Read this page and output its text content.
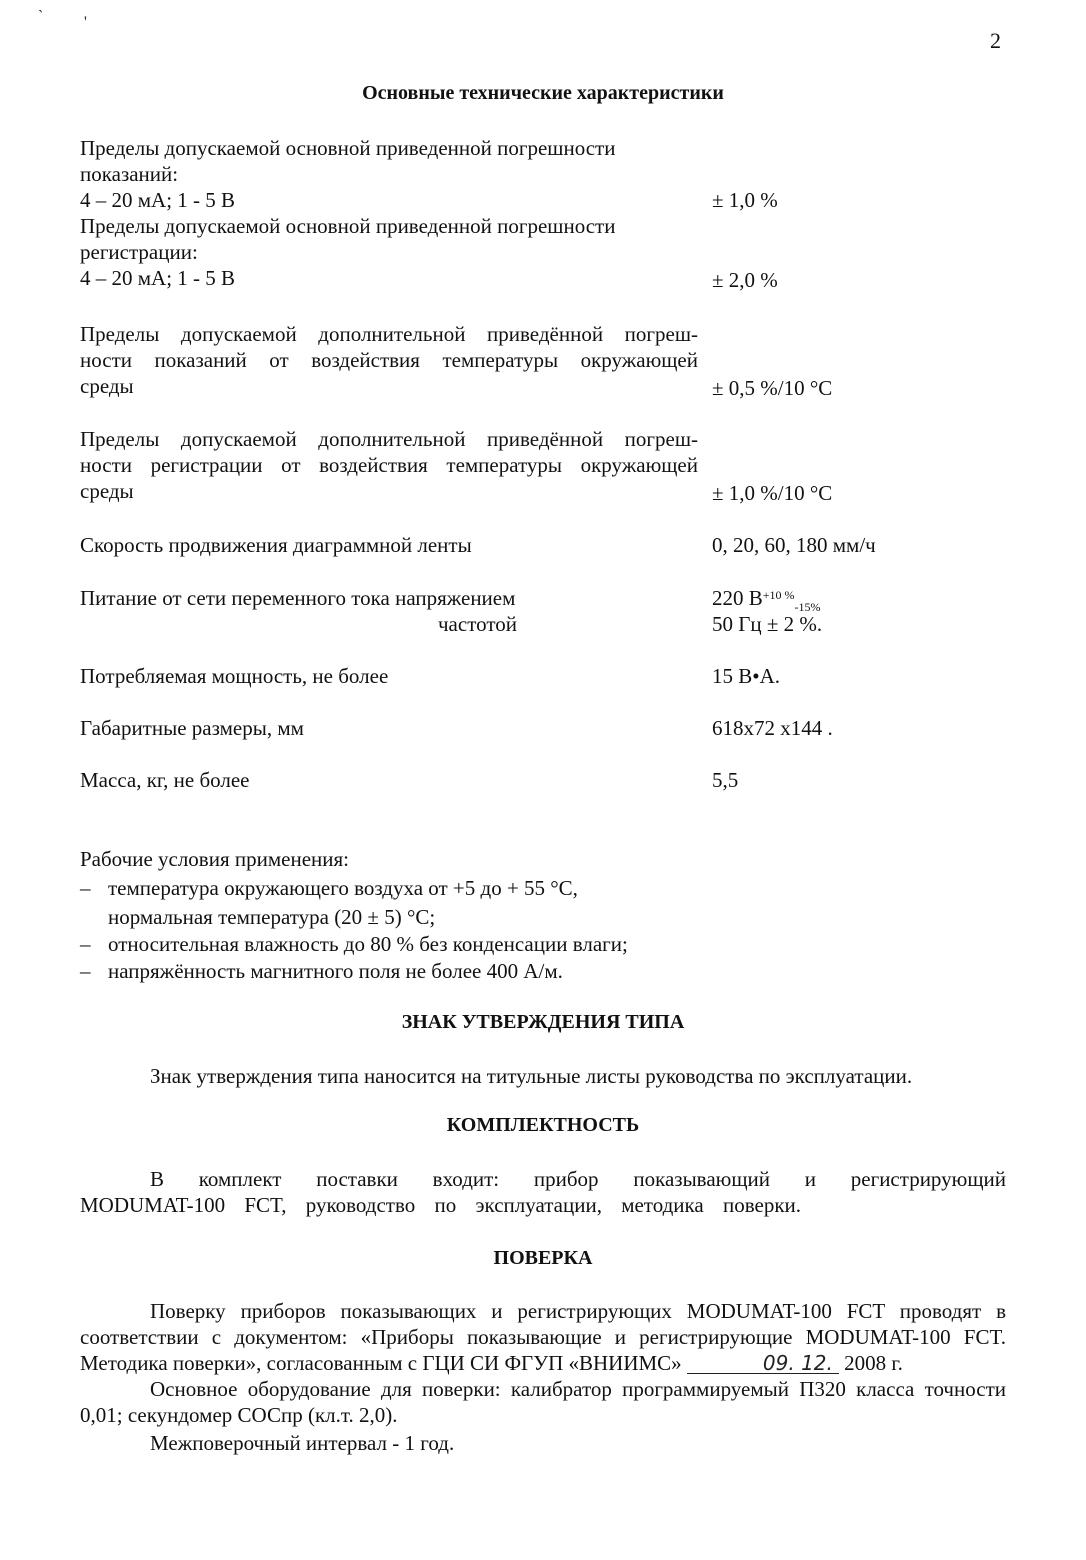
`	'
2
Основные технические характеристики
Пределы допускаемой основной приведенной погрешности
показаний:
4 – 20 мА; 1 - 5 В	± 1,0 %
Пределы допускаемой основной приведенной погрешности
регистрации:
4 – 20 мА; 1 - 5 В	± 2,0 %
Пределы допускаемой дополнительной приведённой погреш-
ности показаний от воздействия температуры окружающей
среды	± 0,5 %/10 °C
Пределы допускаемой дополнительной приведённой погреш-
ности регистрации от воздействия температуры окружающей
среды	± 1,0 %/10 °C
Скорость продвижения диаграммной ленты	0, 20, 60, 180 мм/ч
Питание от сети переменного тока напряжением	220 $В^{+10 \%}_{-15\%}$
частотой	50 Гц ± 2 %.
Потребляемая мощность, не более	15 В•А.
Габаритные размеры, мм	618х72 х144 .
Масса, кг, не более	5,5
Рабочие условия применения:
– температура окружающего воздуха от +5 до + 55 °С,
нормальная температура (20 ± 5) °С;
– относительная влажность до 80 % без конденсации влаги;
– напряжённость магнитного поля не более 400 А/м.
ЗНАК УТВЕРЖДЕНИЯ ТИПА
Знак утверждения типа наносится на титульные листы руководства по эксплуатации.
КОМПЛЕКТНОСТЬ
В комплект поставки входит: прибор показывающий и регистрирующий MODUMAT-100 FCT, руководство по эксплуатации, методика поверки.
ПОВЕРКА
Поверку приборов показывающих и регистрирующих MODUMAT-100 FCT проводят в соответствии с документом: «Приборы показывающие и регистрирующие MODUMAT-100 FCT. Методика поверки», согласованным с ГЦИ СИ ФГУП «ВНИИМС»	09. 12. 2008 г.
Основное оборудование для поверки: калибратор программируемый П320 класса точности 0,01; секундомер СОСпр (кл.т. 2,0).
Межповерочный интервал - 1 год.
